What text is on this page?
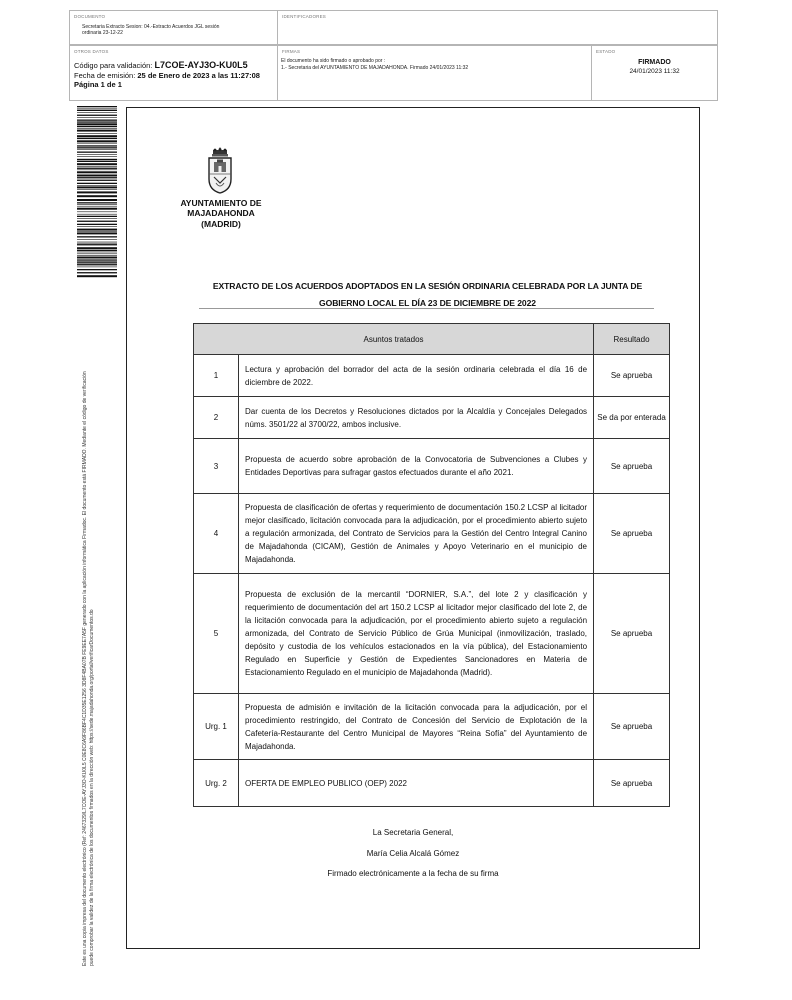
DOCUMENTO
Secretaria Extracto Sesion: 04.-Extracto Acuerdos JGL sesión
ordinaria 23-12-22
IDENTIFICADORES
OTROS DATOS
Código para validación: L7COE-AYJ3O-KU0L5
Fecha de emisión: 25 de Enero de 2023 a las 11:27:08
Página 1 de 1
FIRMAS
El documento ha sido firmado o aprobado por :
1.- Secretaria del AYUNTAMIENTO DE MAJADAHONDA. Firmado 24/01/2023 11:32
ESTADO
FIRMADO
24/01/2023 11:32
Este es una copia impresa del documento electrónico (Ref: 2467329/L7COE-AYJ3O-KU0L5 C0E8C6A9F86BF4C1D35E1256 3D8F4BA07B FE9EE7A5F generado con la aplicación informática Firmadoc. El documento está FIRMADO. Mediante el código de verificación puede comprobar la validez de la firma electrónica de los documentos firmados en la dirección web: https://sede.majadahonda.org/portal/verificarDocumentos.do
AYUNTAMIENTO DE
MAJADAHONDA
(MADRID)
EXTRACTO DE LOS ACUERDOS ADOPTADOS EN LA SESIÓN ORDINARIA CELEBRADA POR LA JUNTA DE
GOBIERNO LOCAL EL DÍA 23 DE DICIEMBRE DE 2022
Asuntos tratados		Resultado
1	Lectura y aprobación del borrador del acta de la sesión ordinaria celebrada el día 16 de diciembre de 2022.	Se aprueba
2	Dar cuenta de los Decretos y Resoluciones dictados por la Alcaldía y Concejales Delegados núms. 3501/22 al 3700/22, ambos inclusive.	Se da por enterada
3	Propuesta de acuerdo sobre aprobación de la Convocatoria de Subvenciones a Clubes y Entidades Deportivas para sufragar gastos efectuados durante el año 2021.	Se aprueba
4	Propuesta de clasificación de ofertas y requerimiento de documentación 150.2 LCSP al licitador mejor clasificado, licitación convocada para la adjudicación, por el procedimiento abierto sujeto a regulación armonizada, del Contrato de Servicios para la Gestión del Centro Integral Canino de Majadahonda (CICAM), Gestión de Animales y Apoyo Veterinario en el municipio de Majadahonda.	Se aprueba
5	Propuesta de exclusión de la mercantil “DORNIER, S.A.”, del lote 2 y clasificación y requerimiento de documentación del art 150.2 LCSP al licitador mejor clasificado del lote 2, de la licitación convocada para la adjudicación, por el procedimiento abierto sujeto a regulación armonizada, del Contrato de Servicio Público de Grúa Municipal (inmovilización, traslado, depósito y custodia de los vehículos estacionados en la vía pública), del Estacionamiento Regulado en Superficie y Gestión de Expedientes Sancionadores en Materia de Estacionamiento Regulado en el municipio de Majadahonda (Madrid).	Se aprueba
Urg. 1	Propuesta de admisión e invitación de la licitación convocada para la adjudicación, por el procedimiento restringido, del Contrato de Concesión del Servicio de Explotación de la Cafetería-Restaurante del Centro Municipal de Mayores “Reina Sofía” del Ayuntamiento de Majadahonda.	Se aprueba
Urg. 2	OFERTA DE EMPLEO PUBLICO (OEP) 2022	Se aprueba
La Secretaria General,
María Celia Alcalá Gómez
Firmado electrónicamente a la fecha de su firma
